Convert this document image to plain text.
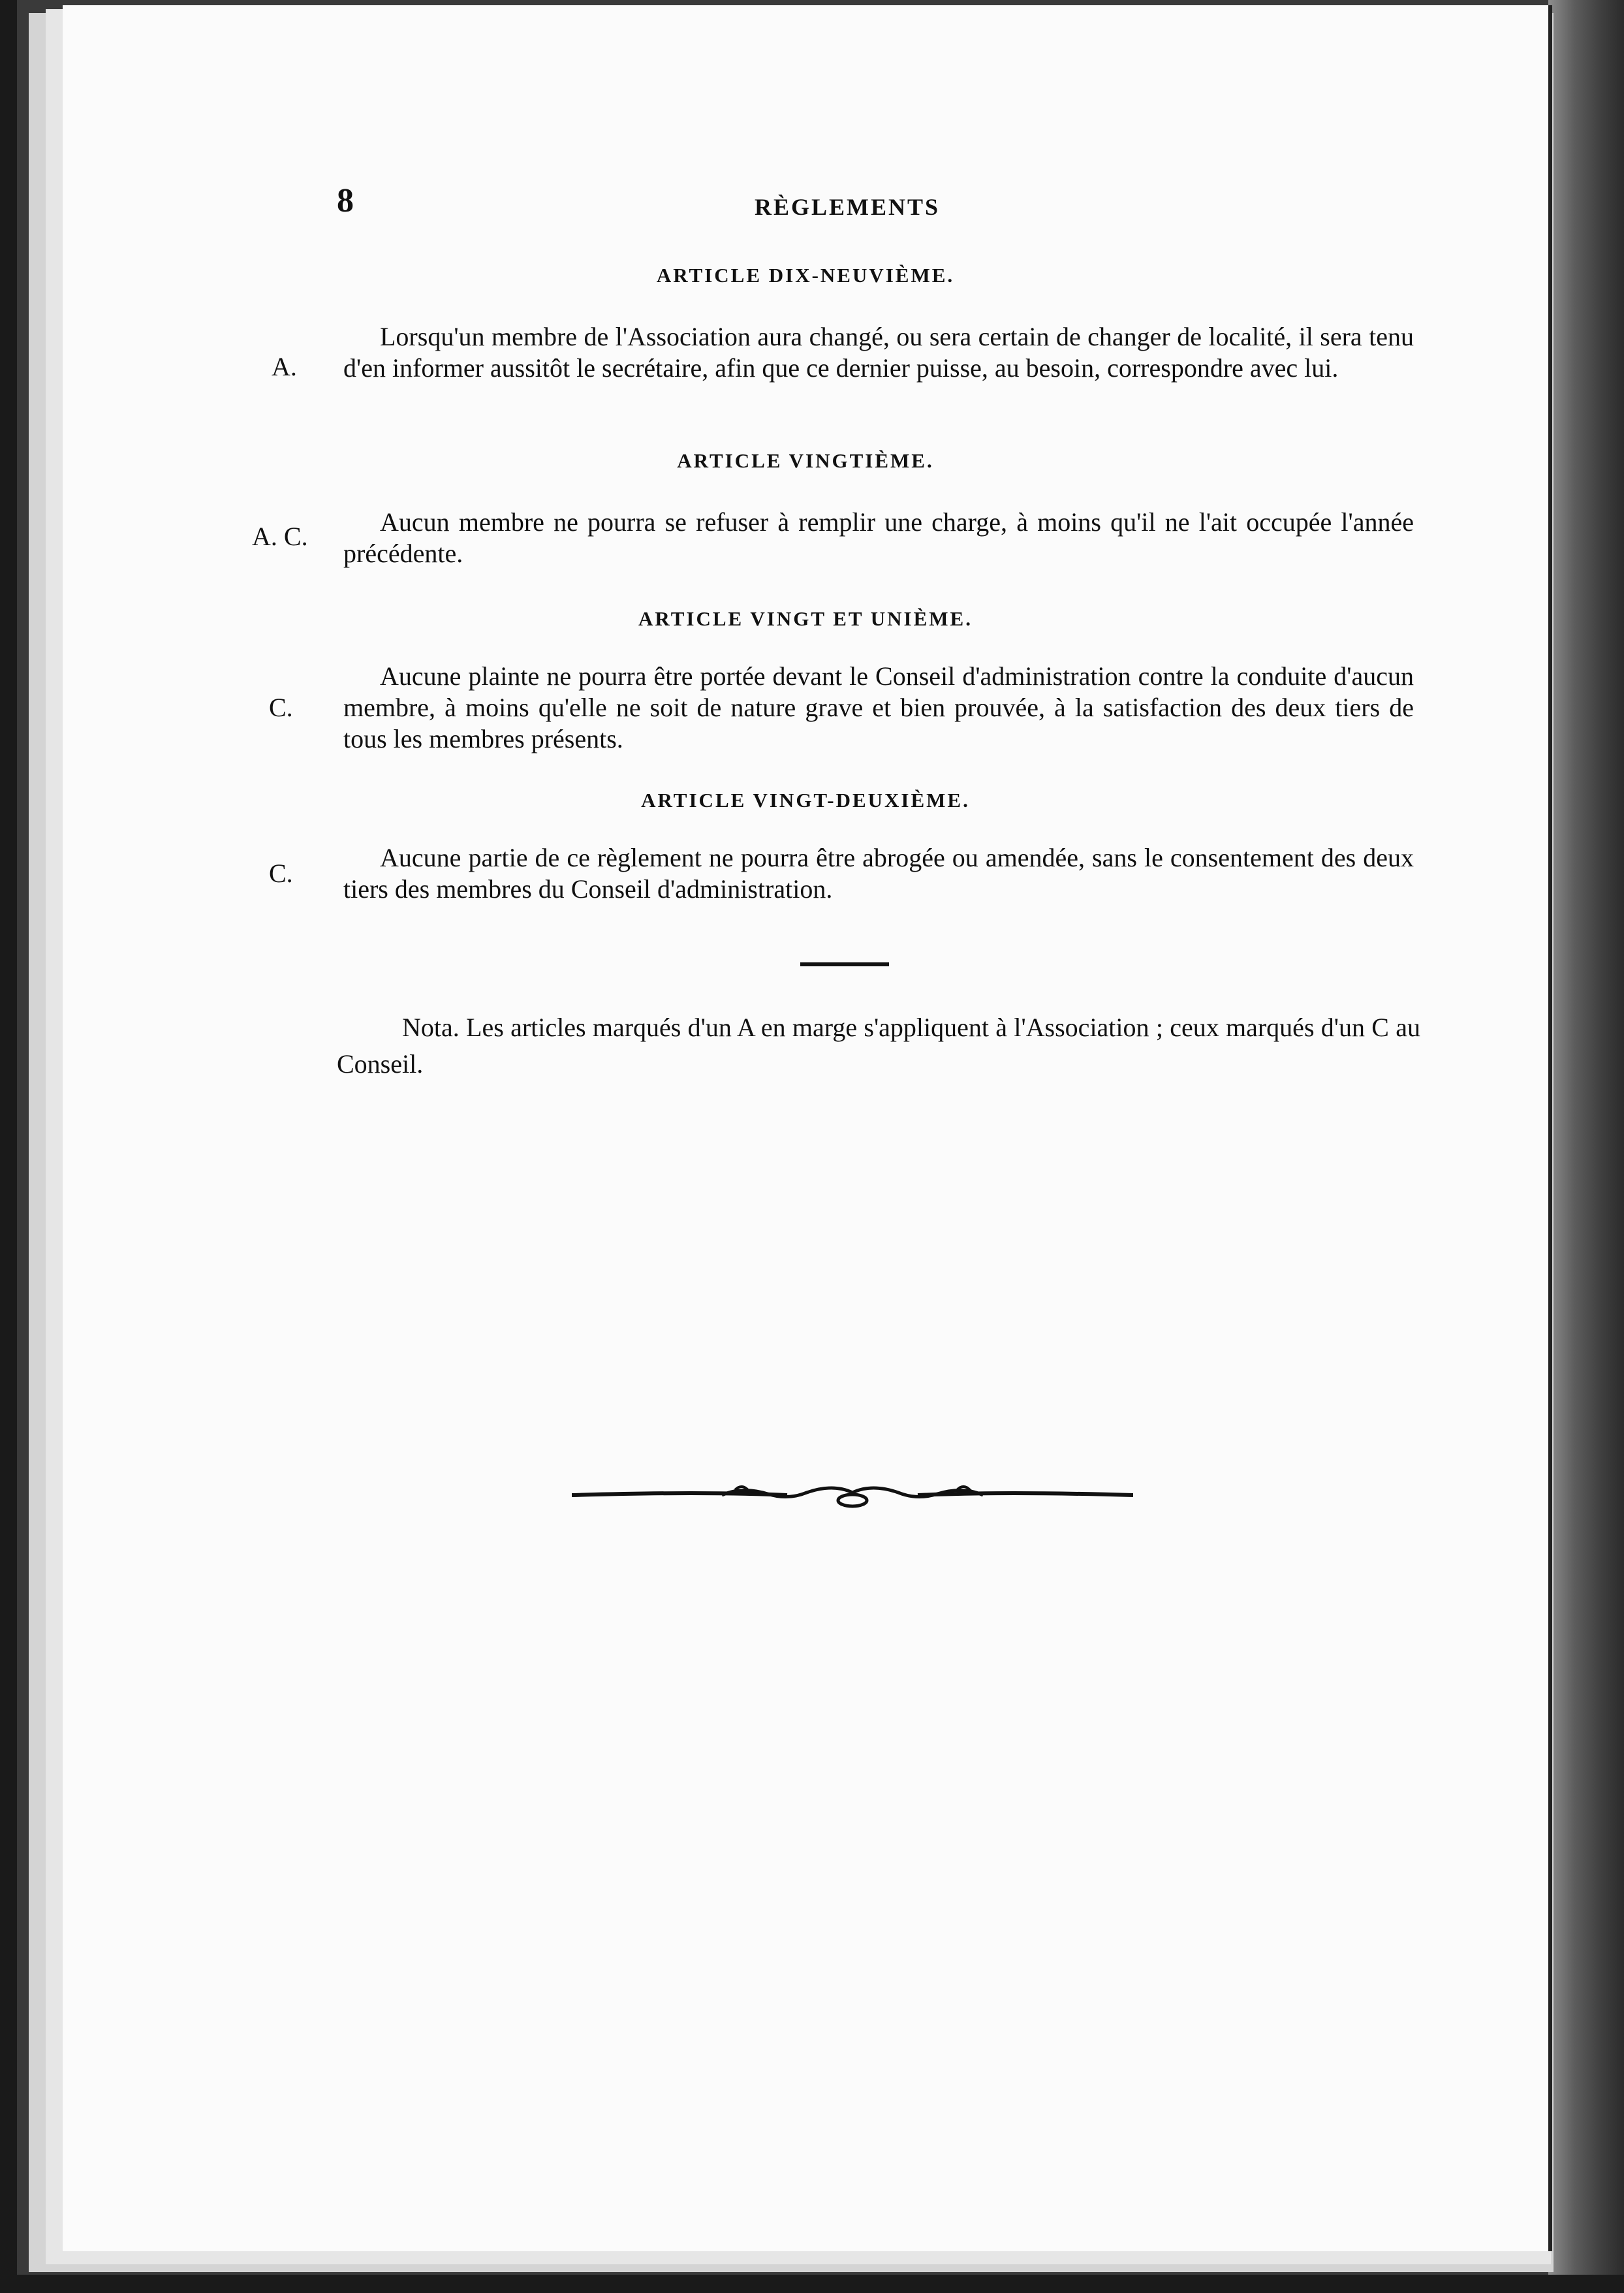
8	RÈGLEMENTS
ARTICLE DIX-NEUVIÈME.
A.

Lorsqu'un membre de l'Association aura changé, ou sera certain de changer de localité, il sera tenu d'en informer aussitôt le secrétaire, afin que ce dernier puisse, au besoin, correspondre avec lui.

ARTICLE VINGTIÈME.
A. C.	Aucun membre ne pourra se refuser à remplir une charge, à moins qu'il ne l'ait occupée l'année précédente.

ARTICLE VINGT ET UNIÈME.
C.

Aucune plainte ne pourra être portée devant le Conseil d'administration contre la conduite d'aucun membre, à moins qu'elle ne soit de nature grave et bien prouvée, à la satisfaction des deux tiers de tous les membres présents.

ARTICLE VINGT-DEUXIÈME.
C.

Aucune partie de ce règlement ne pourra être abrogée ou amendée, sans le consentement des deux tiers des membres du Conseil d'administration.

Nota. Les articles marqués d'un A en marge s'appliquent à l'Association ; ceux marqués d'un C au Conseil.
